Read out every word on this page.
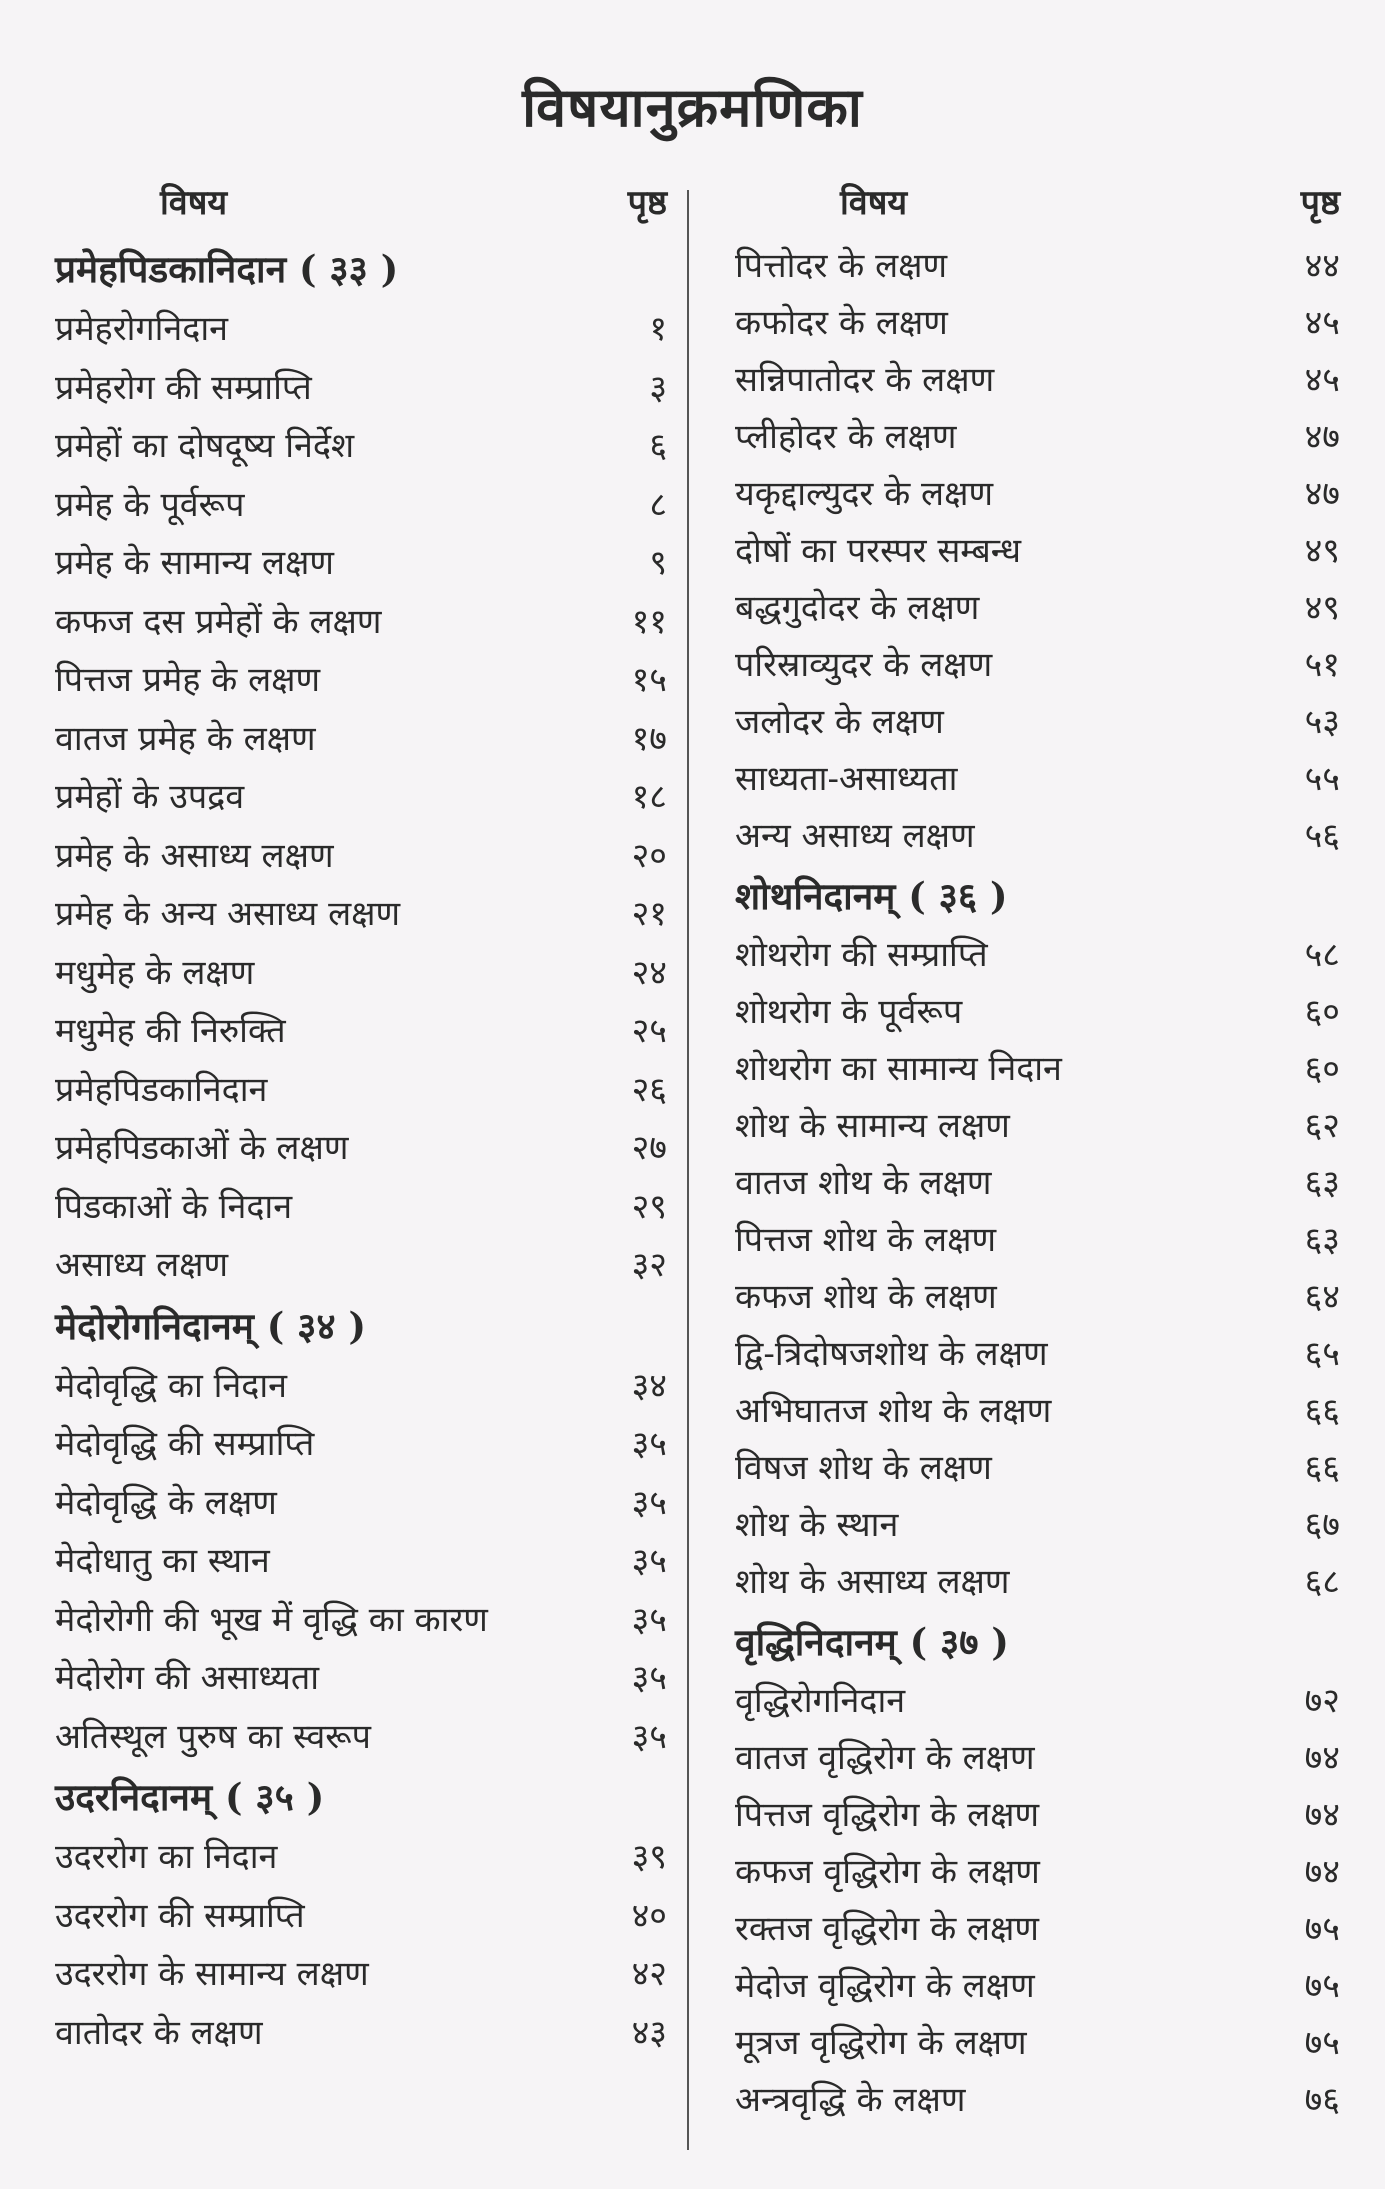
विषयानुक्रमणिका
विषय	पृष्ठ
प्रमेहपिडकानिदान ( ३३ )
प्रमेहरोगनिदान	१
प्रमेहरोग की सम्प्राप्ति	३
प्रमेहों का दोषदूष्य निर्देश	६
प्रमेह के पूर्वरूप	८
प्रमेह के सामान्य लक्षण	९
कफज दस प्रमेहों के लक्षण	११
पित्तज प्रमेह के लक्षण	१५
वातज प्रमेह के लक्षण	१७
प्रमेहों के उपद्रव	१८
प्रमेह के असाध्य लक्षण	२०
प्रमेह के अन्य असाध्य लक्षण	२१
मधुमेह के लक्षण	२४
मधुमेह की निरुक्ति	२५
प्रमेहपिडकानिदान	२६
प्रमेहपिडकाओं के लक्षण	२७
पिडकाओं के निदान	२९
असाध्य लक्षण	३२
मेदोरोगनिदानम् ( ३४ )
मेदोवृद्धि का निदान	३४
मेदोवृद्धि की सम्प्राप्ति	३५
मेदोवृद्धि के लक्षण	३५
मेदोधातु का स्थान	३५
मेदोरोगी की भूख में वृद्धि का कारण	३५
मेदोरोग की असाध्यता	३५
अतिस्थूल पुरुष का स्वरूप	३५
उदरनिदानम् ( ३५ )
उदररोग का निदान	३९
उदररोग की सम्प्राप्ति	४०
उदररोग के सामान्य लक्षण	४२
वातोदर के लक्षण	४३
विषय	पृष्ठ
पित्तोदर के लक्षण	४४
कफोदर के लक्षण	४५
सन्निपातोदर के लक्षण	४५
प्लीहोदर के लक्षण	४७
यकृद्दाल्युदर के लक्षण	४७
दोषों का परस्पर सम्बन्ध	४९
बद्धगुदोदर के लक्षण	४९
परिस्राव्युदर के लक्षण	५१
जलोदर के लक्षण	५३
साध्यता-असाध्यता	५५
अन्य असाध्य लक्षण	५६
शोथनिदानम् ( ३६ )
शोथरोग की सम्प्राप्ति	५८
शोथरोग के पूर्वरूप	६०
शोथरोग का सामान्य निदान	६०
शोथ के सामान्य लक्षण	६२
वातज शोथ के लक्षण	६३
पित्तज शोथ के लक्षण	६३
कफज शोथ के लक्षण	६४
द्वि-त्रिदोषजशोथ के लक्षण	६५
अभिघातज शोथ के लक्षण	६६
विषज शोथ के लक्षण	६६
शोथ के स्थान	६७
शोथ के असाध्य लक्षण	६८
वृद्धिनिदानम् ( ३७ )
वृद्धिरोगनिदान	७२
वातज वृद्धिरोग के लक्षण	७४
पित्तज वृद्धिरोग के लक्षण	७४
कफज वृद्धिरोग के लक्षण	७४
रक्तज वृद्धिरोग के लक्षण	७५
मेदोज वृद्धिरोग के लक्षण	७५
मूत्रज वृद्धिरोग के लक्षण	७५
अन्त्रवृद्धि के लक्षण	७६
